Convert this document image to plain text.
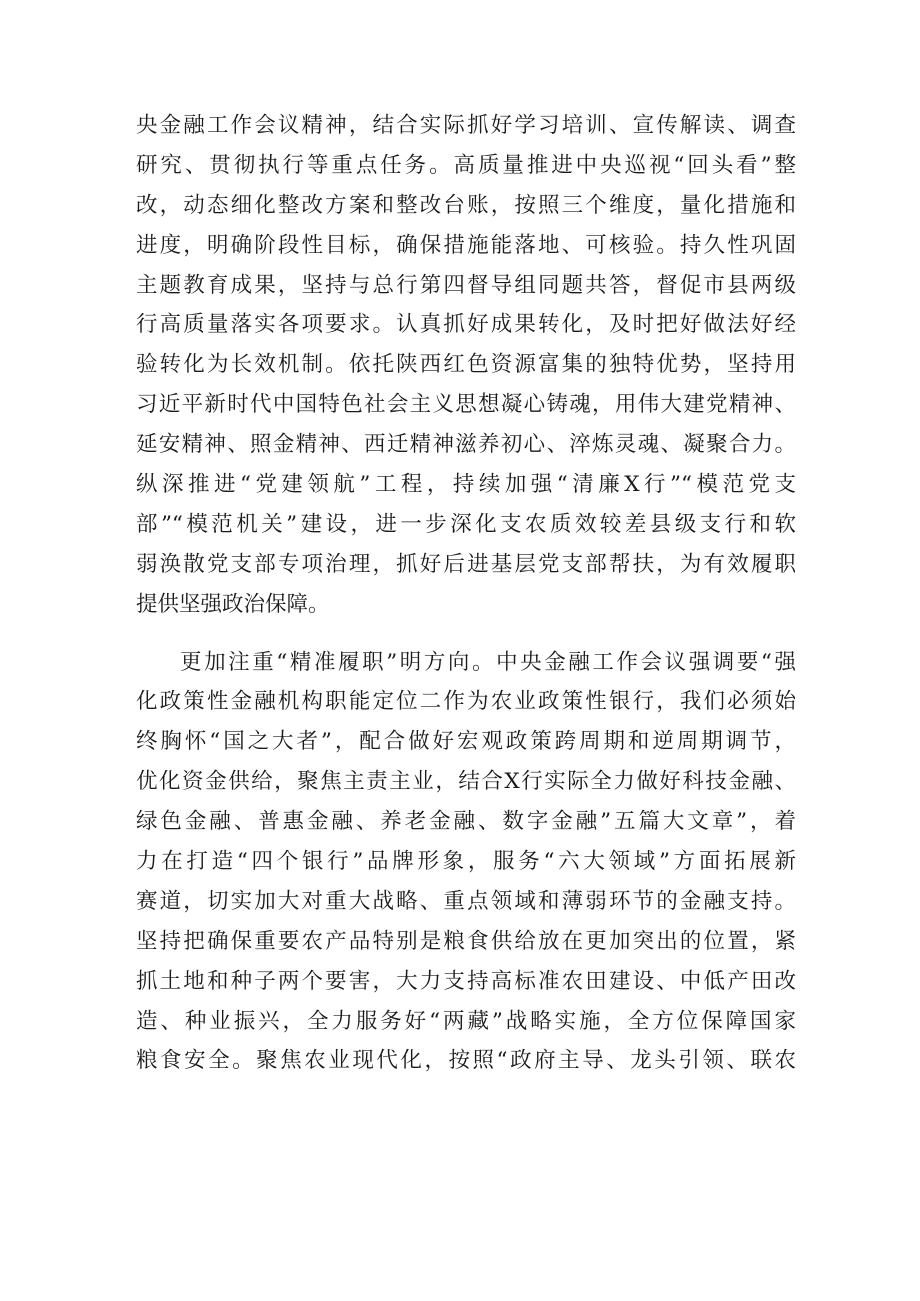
央金融工作会议精神，结合实际抓好学习培训、宣传解读、调查
研究、贯彻执行等重点任务。高质量推进中央巡视“回头看”整
改，动态细化整改方案和整改台账，按照三个维度，量化措施和
进度，明确阶段性目标，确保措施能落地、可核验。持久性巩固
主题教育成果，坚持与总行第四督导组同题共答，督促市县两级
行高质量落实各项要求。认真抓好成果转化，及时把好做法好经
验转化为长效机制。依托陕西红色资源富集的独特优势，坚持用
习近平新时代中国特色社会主义思想凝心铸魂，用伟大建党精神、
延安精神、照金精神、西迁精神滋养初心、淬炼灵魂、凝聚合力。
纵深推进“党建领航”工程，持续加强“清廉X行”“模范党支
部”“模范机关”建设，进一步深化支农质效较差县级支行和软
弱涣散党支部专项治理，抓好后进基层党支部帮扶，为有效履职
提供坚强政治保障。
更加注重“精准履职”明方向。中央金融工作会议强调要“强
化政策性金融机构职能定位二作为农业政策性银行，我们必须始
终胸怀“国之大者”，配合做好宏观政策跨周期和逆周期调节，
优化资金供给，聚焦主责主业，结合X行实际全力做好科技金融、
绿色金融、普惠金融、养老金融、数字金融”五篇大文章”，着
力在打造“四个银行”品牌形象，服务“六大领域”方面拓展新
赛道，切实加大对重大战略、重点领域和薄弱环节的金融支持。
坚持把确保重要农产品特别是粮食供给放在更加突出的位置，紧
抓土地和种子两个要害，大力支持高标准农田建设、中低产田改
造、种业振兴，全力服务好“两藏”战略实施，全方位保障国家
粮食安全。聚焦农业现代化，按照“政府主导、龙头引领、联农
